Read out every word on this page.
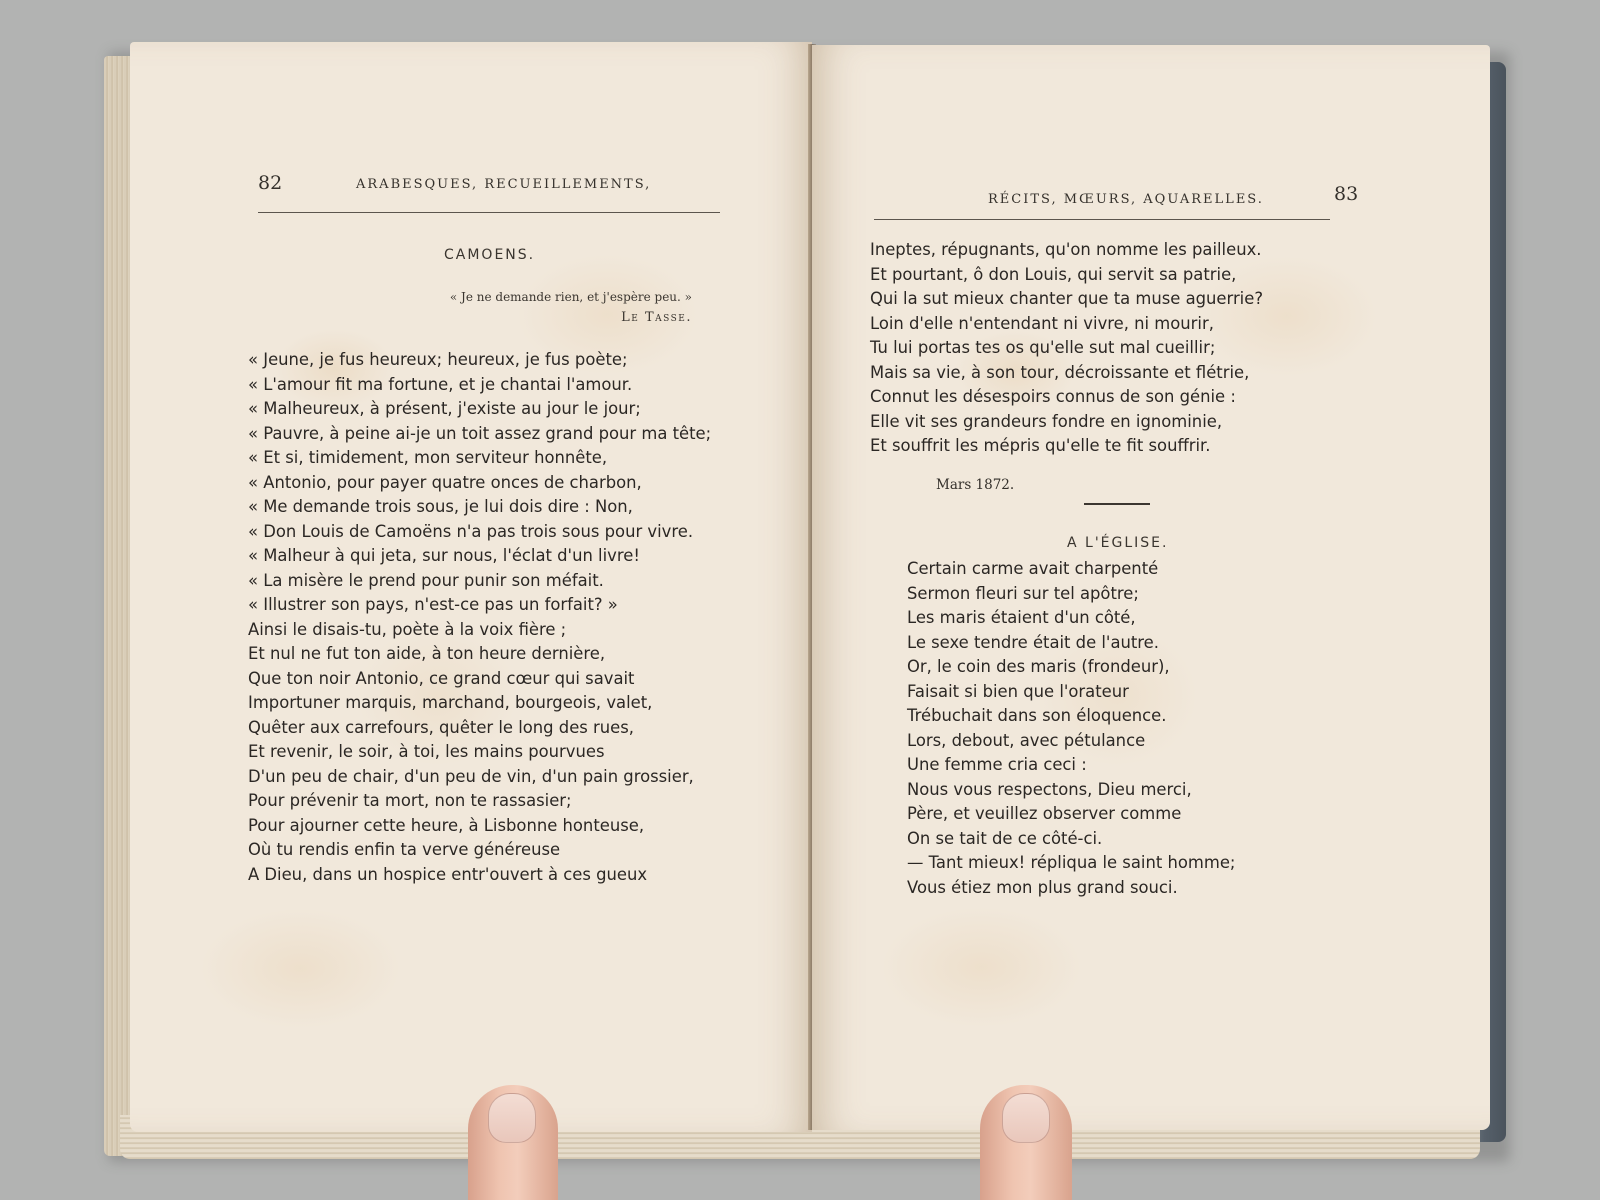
82	ARABESQUES, RECUEILLEMENTS,
CAMOENS.
« Je ne demande rien, et j'espère peu. »
Le Tasse.
« Jeune, je fus heureux; heureux, je fus poète;
« L'amour fit ma fortune, et je chantai l'amour.
« Malheureux, à présent, j'existe au jour le jour;
« Pauvre, à peine ai-je un toit assez grand pour ma tête;
« Et si, timidement, mon serviteur honnête,
« Antonio, pour payer quatre onces de charbon,
« Me demande trois sous, je lui dois dire : Non,
« Don Louis de Camoëns n'a pas trois sous pour vivre.
« Malheur à qui jeta, sur nous, l'éclat d'un livre!
« La misère le prend pour punir son méfait.
« Illustrer son pays, n'est-ce pas un forfait? »
Ainsi le disais-tu, poète à la voix fière ;
Et nul ne fut ton aide, à ton heure dernière,
Que ton noir Antonio, ce grand cœur qui savait
Importuner marquis, marchand, bourgeois, valet,
Quêter aux carrefours, quêter le long des rues,
Et revenir, le soir, à toi, les mains pourvues
D'un peu de chair, d'un peu de vin, d'un pain grossier,
Pour prévenir ta mort, non te rassasier;
Pour ajourner cette heure, à Lisbonne honteuse,
Où tu rendis enfin ta verve généreuse
A Dieu, dans un hospice entr'ouvert à ces gueux
RÉCITS, MŒURS, AQUARELLES.	83
Ineptes, répugnants, qu'on nomme les pailleux.
Et pourtant, ô don Louis, qui servit sa patrie,
Qui la sut mieux chanter que ta muse aguerrie?
Loin d'elle n'entendant ni vivre, ni mourir,
Tu lui portas tes os qu'elle sut mal cueillir;
Mais sa vie, à son tour, décroissante et flétrie,
Connut les désespoirs connus de son génie :
Elle vit ses grandeurs fondre en ignominie,
Et souffrit les mépris qu'elle te fit souffrir.
Mars 1872.
A L'ÉGLISE.
Certain carme avait charpenté
Sermon fleuri sur tel apôtre;
Les maris étaient d'un côté,
Le sexe tendre était de l'autre.
Or, le coin des maris (frondeur),
Faisait si bien que l'orateur
Trébuchait dans son éloquence.
Lors, debout, avec pétulance
Une femme cria ceci :
Nous vous respectons, Dieu merci,
Père, et veuillez observer comme
On se tait de ce côté-ci.
— Tant mieux! répliqua le saint homme;
Vous étiez mon plus grand souci.
